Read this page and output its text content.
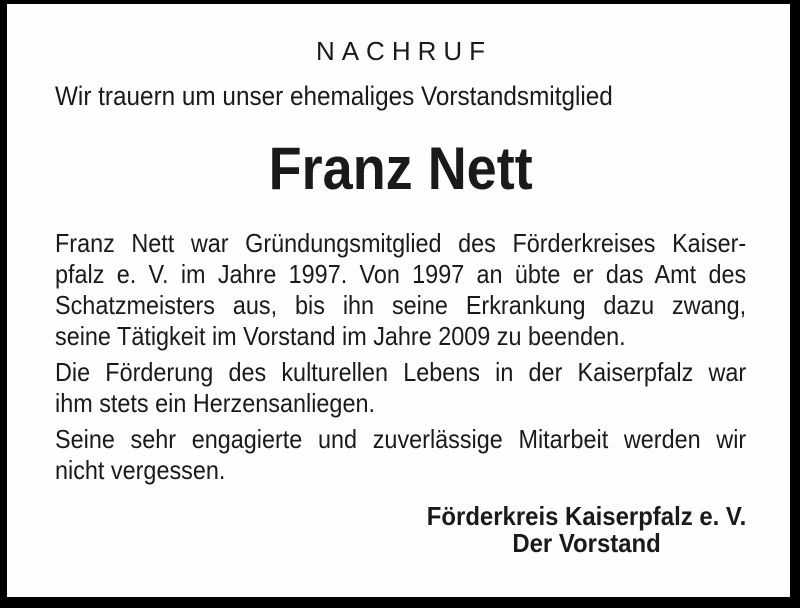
NACHRUF
Wir trauern um unser ehemaliges Vorstandsmitglied
Franz Nett
Franz Nett war Gründungsmitglied des Förderkreises Kaiser-
pfalz e. V. im Jahre 1997. Von 1997 an übte er das Amt des
Schatzmeisters aus, bis ihn seine Erkrankung dazu zwang,
seine Tätigkeit im Vorstand im Jahre 2009 zu beenden.
Die Förderung des kulturellen Lebens in der Kaiserpfalz war
ihm stets ein Herzensanliegen.
Seine sehr engagierte und zuverlässige Mitarbeit werden wir
nicht vergessen.
Förderkreis Kaiserpfalz e. V.
Der Vorstand
